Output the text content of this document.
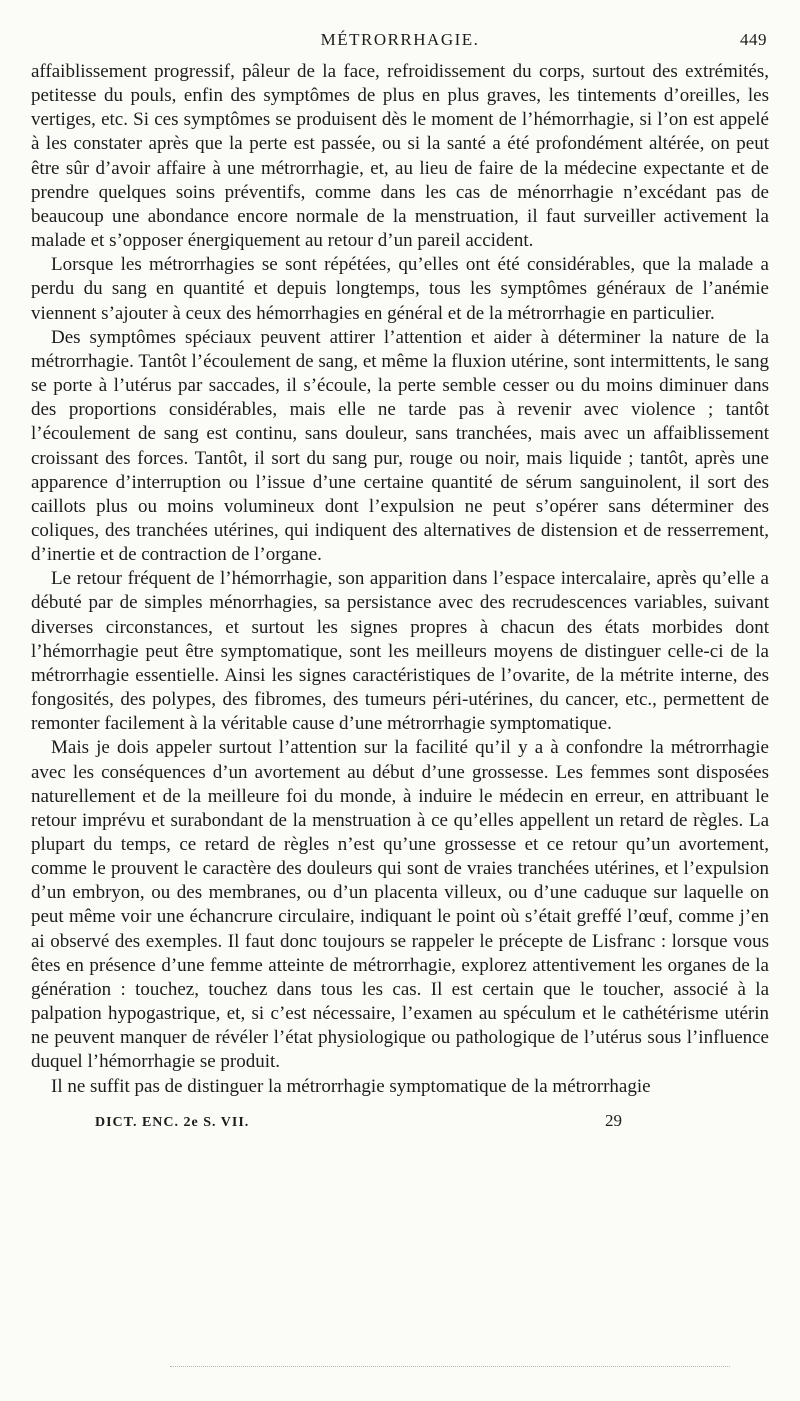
MÉTRORRHAGIE.	449

affaiblissement progressif, pâleur de la face, refroidissement du corps, surtout des extrémités, petitesse du pouls, enfin des symptômes de plus en plus graves, les tintements d’oreilles, les vertiges, etc. Si ces symptômes se produisent dès le moment de l’hémorrhagie, si l’on est appelé à les constater après que la perte est passée, ou si la santé a été profondément altérée, on peut être sûr d’avoir affaire à une métrorrhagie, et, au lieu de faire de la médecine expectante et de prendre quelques soins préventifs, comme dans les cas de ménorrhagie n’excédant pas de beaucoup une abondance encore normale de la menstruation, il faut surveiller activement la malade et s’opposer énergiquement au retour d’un pareil accident.

Lorsque les métrorrhagies se sont répétées, qu’elles ont été considérables, que la malade a perdu du sang en quantité et depuis longtemps, tous les symptômes généraux de l’anémie viennent s’ajouter à ceux des hémorrhagies en général et de la métrorrhagie en particulier.

Des symptômes spéciaux peuvent attirer l’attention et aider à déterminer la nature de la métrorrhagie. Tantôt l’écoulement de sang, et même la fluxion utérine, sont intermittents, le sang se porte à l’utérus par saccades, il s’écoule, la perte semble cesser ou du moins diminuer dans des proportions considérables, mais elle ne tarde pas à revenir avec violence ; tantôt l’écoulement de sang est continu, sans douleur, sans tranchées, mais avec un affaiblissement croissant des forces. Tantôt, il sort du sang pur, rouge ou noir, mais liquide ; tantôt, après une apparence d’interruption ou l’issue d’une certaine quantité de sérum sanguinolent, il sort des caillots plus ou moins volumineux dont l’expulsion ne peut s’opérer sans déterminer des coliques, des tranchées utérines, qui indiquent des alternatives de distension et de resserrement, d’inertie et de contraction de l’organe.

Le retour fréquent de l’hémorrhagie, son apparition dans l’espace intercalaire, après qu’elle a débuté par de simples ménorrhagies, sa persistance avec des recrudescences variables, suivant diverses circonstances, et surtout les signes propres à chacun des états morbides dont l’hémorrhagie peut être symptomatique, sont les meilleurs moyens de distinguer celle-ci de la métrorrhagie essentielle. Ainsi les signes caractéristiques de l’ovarite, de la métrite interne, des fongosités, des polypes, des fibromes, des tumeurs péri-utérines, du cancer, etc., permettent de remonter facilement à la véritable cause d’une métrorrhagie symptomatique.

Mais je dois appeler surtout l’attention sur la facilité qu’il y a à confondre la métrorrhagie avec les conséquences d’un avortement au début d’une grossesse. Les femmes sont disposées naturellement et de la meilleure foi du monde, à induire le médecin en erreur, en attribuant le retour imprévu et surabondant de la menstruation à ce qu’elles appellent un retard de règles. La plupart du temps, ce retard de règles n’est qu’une grossesse et ce retour qu’un avortement, comme le prouvent le caractère des douleurs qui sont de vraies tranchées utérines, et l’expulsion d’un embryon, ou des membranes, ou d’un placenta villeux, ou d’une caduque sur laquelle on peut même voir une échancrure circulaire, indiquant le point où s’était greffé l’œuf, comme j’en ai observé des exemples. Il faut donc toujours se rappeler le précepte de Lisfranc : lorsque vous êtes en présence d’une femme atteinte de métrorrhagie, explorez attentivement les organes de la génération : touchez, touchez dans tous les cas. Il est certain que le toucher, associé à la palpation hypogastrique, et, si c’est nécessaire, l’examen au spéculum et le cathétérisme utérin ne peuvent manquer de révéler l’état physiologique ou pathologique de l’utérus sous l’influence duquel l’hémorrhagie se produit.

Il ne suffit pas de distinguer la métrorrhagie symptomatique de la métrorrhagie

DICT. ENC. 2e S. VII.	29
